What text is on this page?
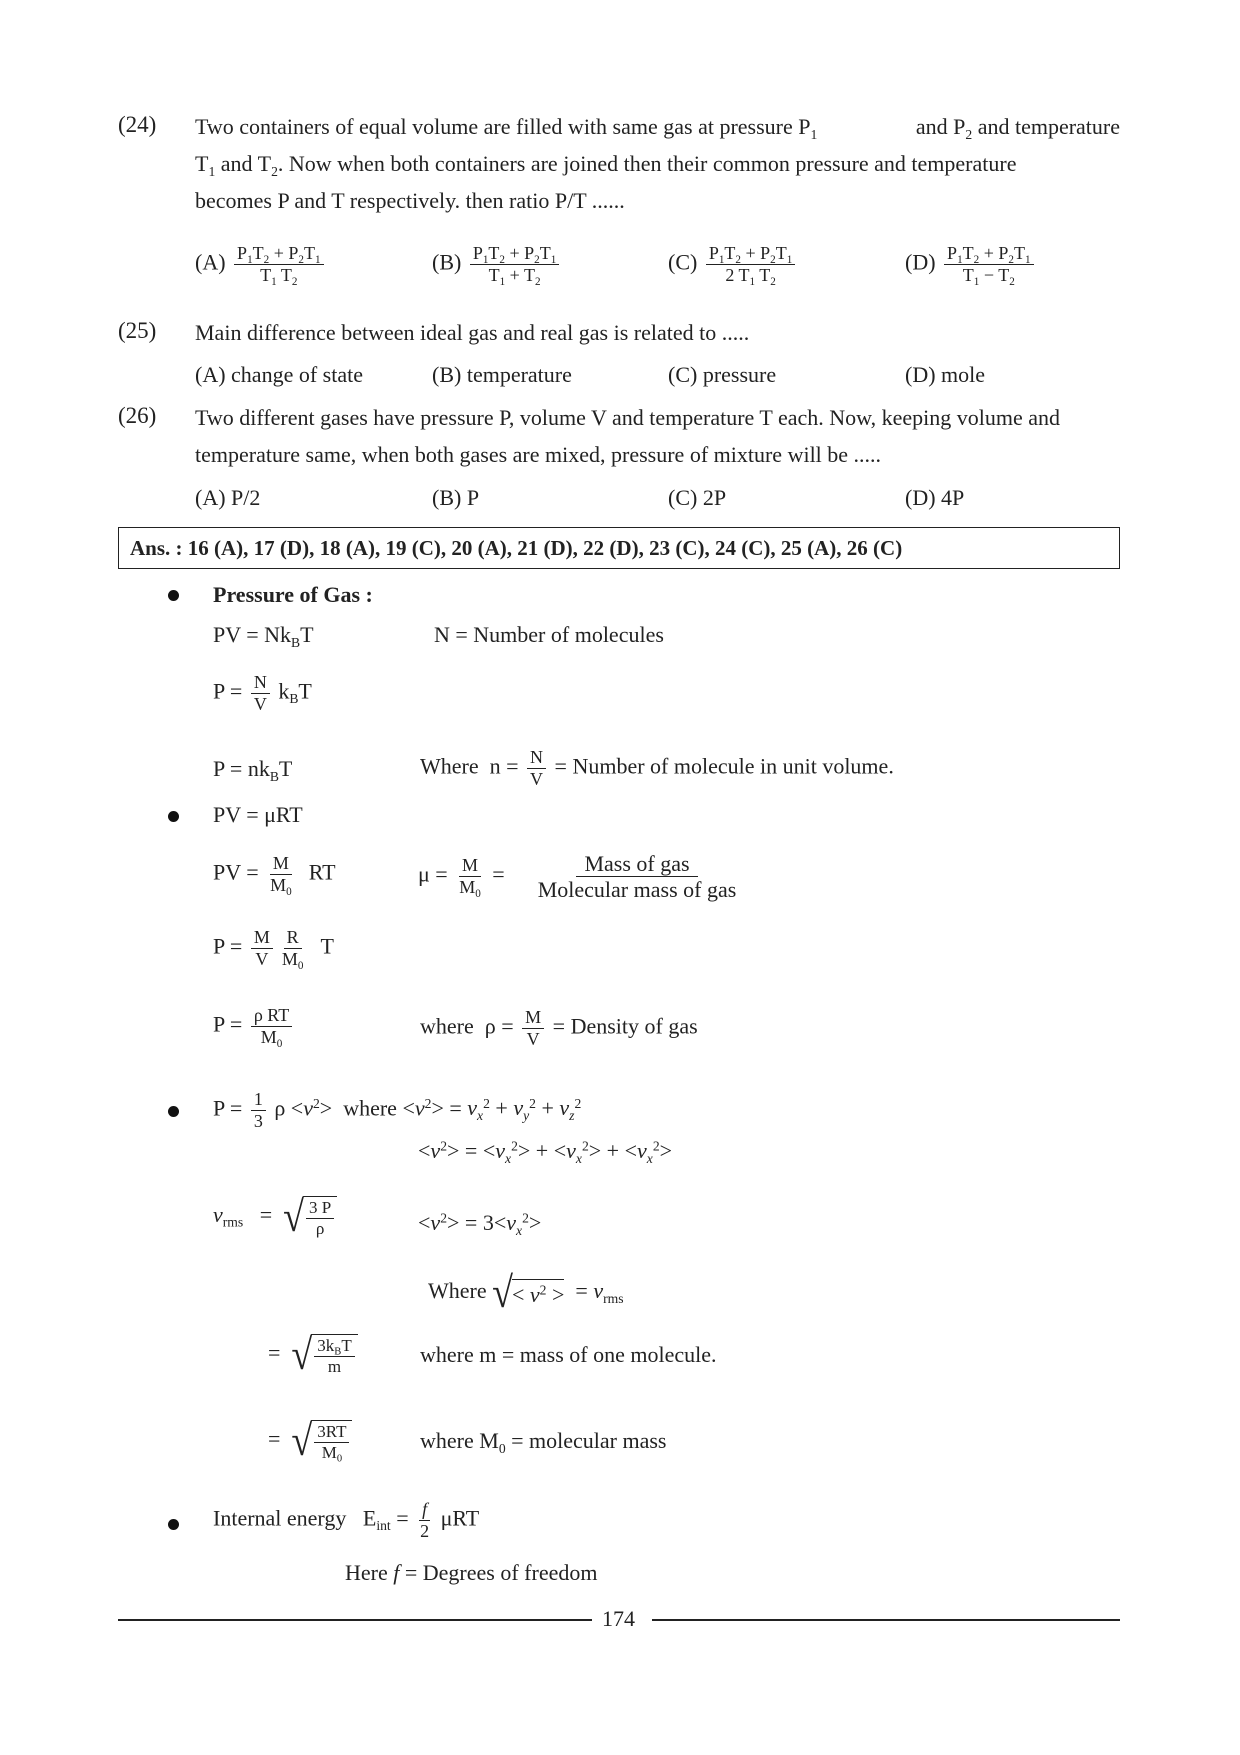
(24) Two containers of equal volume are filled with same gas at pressure $P_1$	and $P_2$ and temperature
$T_1$ and $T_2$. Now when both containers are joined then their common pressure and temperature
becomes P and T respectively. then ratio P/T ......
$(A) \frac{P_1T_2 + P_2T_1}{T_1 T_2}$	$(B) \frac{P_1T_2 + P_2T_1}{T_1 + T_2}$	$(C) \frac{P_1T_2 + P_2T_1}{2 T_1 T_2}$	$(D) \frac{P_1T_2 + P_2T_1}{T_1 - T_2}$
(25) Main difference between ideal gas and real gas is related to .....
(A) change of state	(B) temperature	(C) pressure	(D) mole
(26) Two different gases have pressure P, volume V and temperature T each. Now, keeping volume and
temperature same, when both gases are mixed, pressure of mixture will be .....
(A) P/2	(B) P	(C) 2P	(D) 4P
Ans. : 16 (A), 17 (D), 18 (A), 19 (C), 20 (A), 21 (D), 22 (D), 23 (C), 24 (C), 25 (A), 26 (C)
Pressure of Gas :
PV = $Nk_BT$	N = Number of molecules
$P = \frac{N}{V} k_BT$
$P = nk_BT$	Where  $n = \frac{N}{V}$ = Number of molecule in unit volume.
PV = μRT
PV = $\frac{M}{M_0}$ RT	$\mu = \frac{M}{M_0} = \frac{\text{Mass of gas}}{\text{Molecular mass of gas}}$
$P = \frac{M}{V} \frac{R}{M_0}$ T
$P = \frac{\text{ρ RT}}{M_0}$	where  $\rho = \frac{M}{V}$ = Density of gas
$P = \frac{1}{3}$ $\rho <v^2>$  where $<v^2> = v_x^2 + v_y^2 + v_z^2$
$<v^2> = <v_x^2> + <v_x^2> + <v_x^2>$
$v_{rms}$   = √ $\frac{3 P}{\rho}$	$<v^2> = 3<v_x^2>$
Where √ < $v^2$ > = $v_{rms}$
= √ $\frac{3k_BT}{m}$	where m = mass of one molecule.
= √ $\frac{3RT}{M_0}$	where $M_0$ = molecular mass
Internal energy   $E_{int} = \frac{f}{2}$ μRT
Here f = Degrees of freedom
174
